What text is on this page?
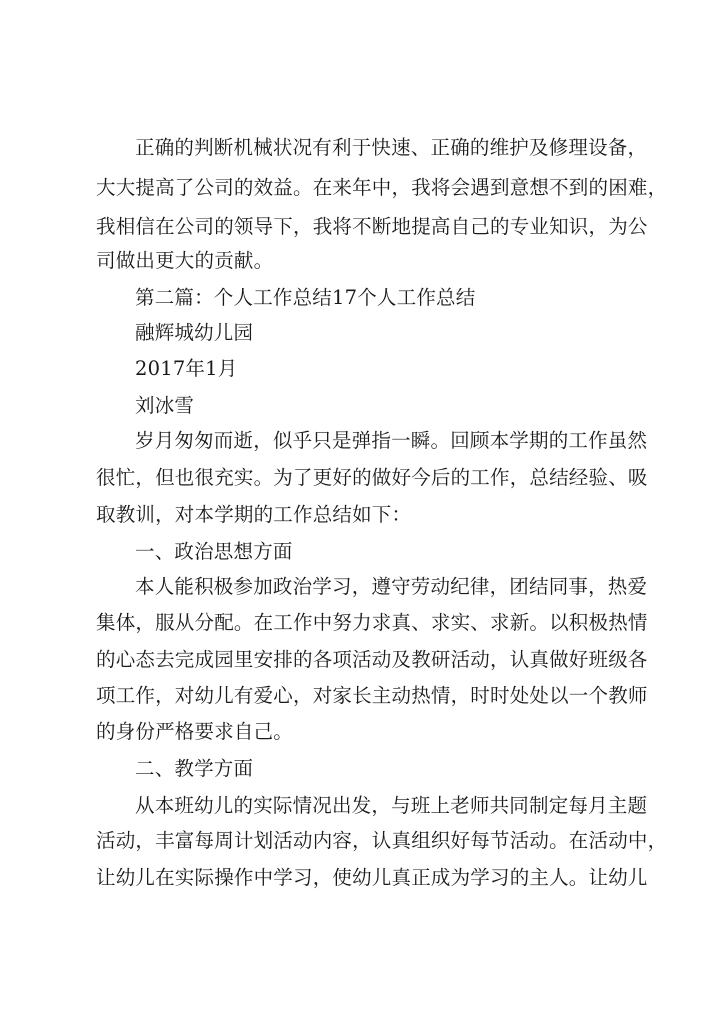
正确的判断机械状况有利于快速、正确的维护及修理设备，
大大提高了公司的效益。在来年中，我将会遇到意想不到的困难，
我相信在公司的领导下，我将不断地提高自己的专业知识，为公
司做出更大的贡献。
第二篇：个人工作总结17个人工作总结
融辉城幼儿园
2017年1月
刘冰雪
岁月匆匆而逝，似乎只是弹指一瞬。回顾本学期的工作虽然
很忙，但也很充实。为了更好的做好今后的工作，总结经验、吸
取教训，对本学期的工作总结如下：
一、政治思想方面
本人能积极参加政治学习，遵守劳动纪律，团结同事，热爱
集体，服从分配。在工作中努力求真、求实、求新。以积极热情
的心态去完成园里安排的各项活动及教研活动，认真做好班级各
项工作，对幼儿有爱心，对家长主动热情，时时处处以一个教师
的身份严格要求自己。
二、教学方面
从本班幼儿的实际情况出发，与班上老师共同制定每月主题
活动，丰富每周计划活动内容，认真组织好每节活动。在活动中，
让幼儿在实际操作中学习，使幼儿真正成为学习的主人。让幼儿
